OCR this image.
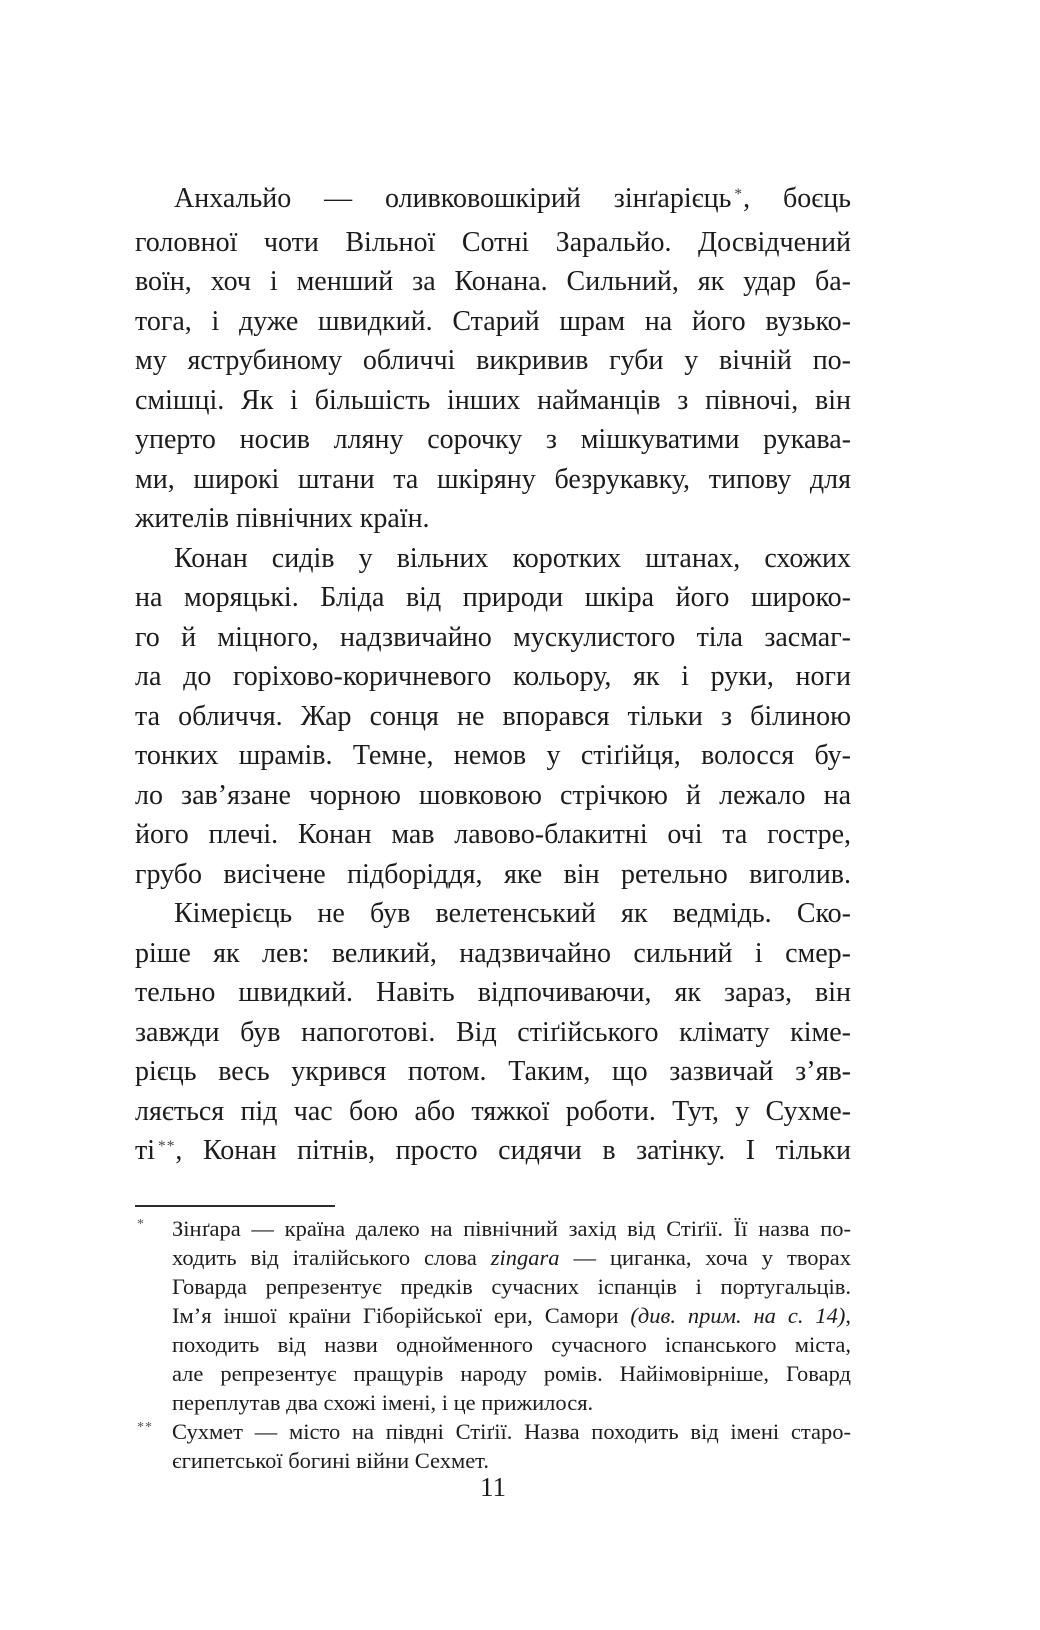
Анхальйо — оливковошкірий зінґарієць *, боєць
головної чоти Вільної Сотні Заральйо. Досвідчений
воїн, хоч і менший за Конана. Сильний, як удар ба-
тога, і дуже швидкий. Старий шрам на його вузько-
му яструбиному обличчі викривив губи у вічній по-
смішці. Як і більшість інших найманців з півночі, він
уперто носив лляну сорочку з мішкуватими рукава-
ми, широкі штани та шкіряну безрукавку, типову для
жителів північних країн.
Конан сидів у вільних коротких штанах, схожих
на моряцькі. Бліда від природи шкіра його широко-
го й міцного, надзвичайно мускулистого тіла засмаг-
ла до горіхово-коричневого кольору, як і руки, ноги
та обличчя. Жар сонця не впорався тільки з білиною
тонких шрамів. Темне, немов у стіґійця, волосся бу-
ло зав’язане чорною шовковою стрічкою й лежало на
його плечі. Конан мав лавово-блакитні очі та гостре,
грубо висічене підборіддя, яке він ретельно виголив.
Кімерієць не був велетенський як ведмідь. Ско-
ріше як лев: великий, надзвичайно сильний і смер-
тельно швидкий. Навіть відпочиваючи, як зараз, він
завжди був напоготові. Від стіґійського клімату кіме-
рієць весь укрився потом. Таким, що зазвичай з’яв-
ляється під час бою або тяжкої роботи. Тут, у Сухме-
ті **, Конан пітнів, просто сидячи в затінку. І тільки
* Зінґара — країна далеко на північний захід від Стіґії. Її назва по-
ходить від італійського слова zingara — циганка, хоча у творах
Говарда репрезентує предків сучасних іспанців і португальців.
Ім’я іншої країни Гіборійської ери, Самори (див. прим. на с. 14),
походить від назви однойменного сучасного іспанського міста,
але репрезентує пращурів народу ромів. Найімовірніше, Говард
переплутав два схожі імені, і це прижилося.
** Сухмет — місто на півдні Стіґії. Назва походить від імені старо-
єгипетської богині війни Сехмет.
11
